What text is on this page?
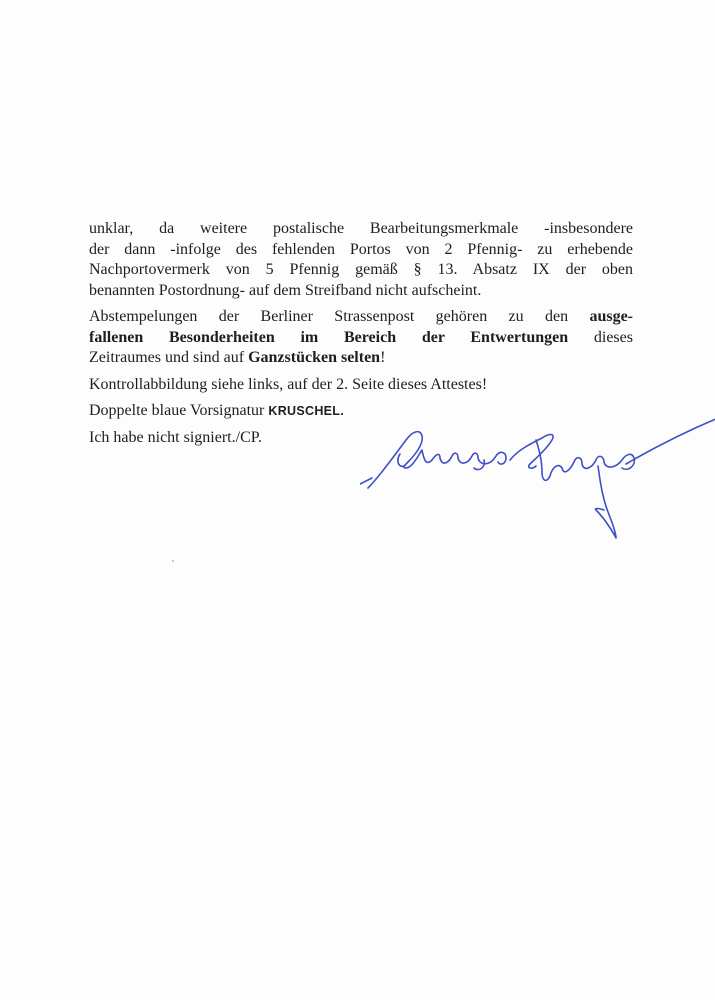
unklar, da weitere postalische Bearbeitungsmerkmale -insbesondere
der dann -infolge des fehlenden Portos von 2 Pfennig- zu erhebende
Nachportovermerk von 5 Pfennig gemäß § 13. Absatz IX der oben
benannten Postordnung- auf dem Streifband nicht aufscheint.

Abstempelungen der Berliner Strassenpost gehören zu den ausge-
fallenen Besonderheiten im Bereich der Entwertungen dieses
Zeitraumes und sind auf Ganzstücken selten!

Kontrollabbildung siehe links, auf der 2. Seite dieses Attestes!

Doppelte blaue Vorsignatur KRUSCHEL.

Ich habe nicht signiert./CP.
